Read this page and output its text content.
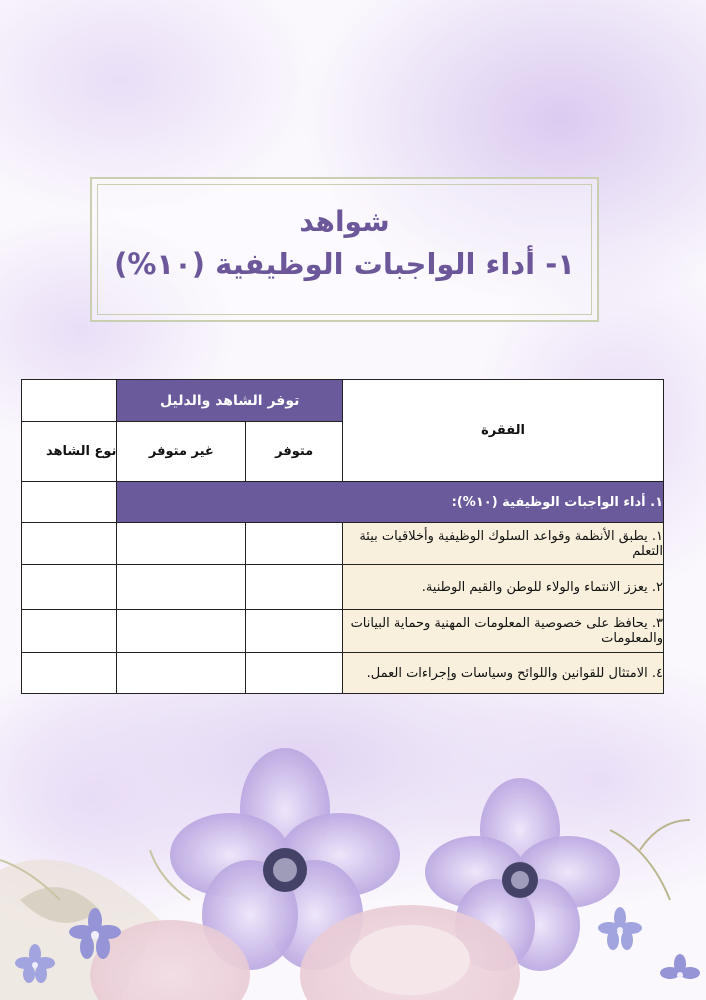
شواهد
١- أداء الواجبات الوظيفية (١٠%)
الفقرة	توفر الشاهد والدليل		
	متوفر	غير متوفر	نوع الشاهد
١. أداء الواجبات الوظيفية (١٠%):			
١. يطبق الأنظمة وقواعد السلوك الوظيفية وأخلاقيات بيئة التعلم			
٢. يعزز الانتماء والولاء للوطن والقيم الوطنية.			
٣. يحافظ على خصوصية المعلومات المهنية وحماية البيانات والمعلومات			
٤. الامتثال للقوانين واللوائح وسياسات وإجراءات العمل.			
